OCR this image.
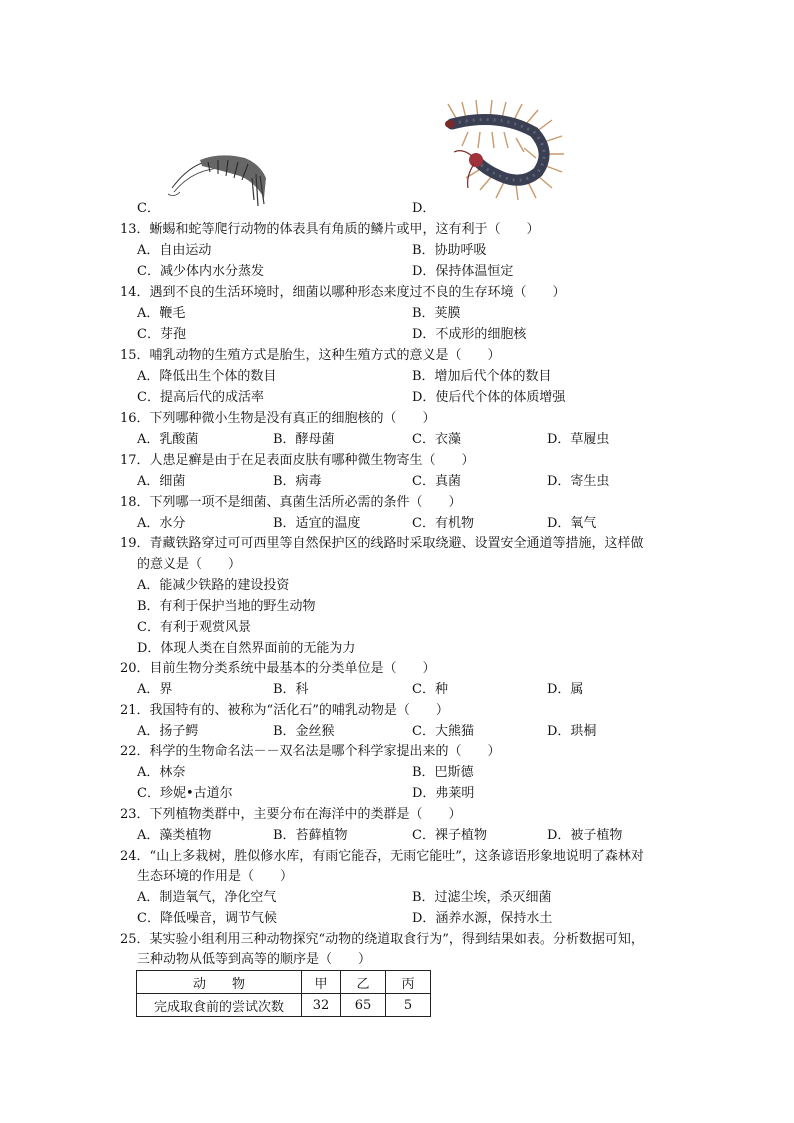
C．	D．
13．蜥蜴和蛇等爬行动物的体表具有角质的鳞片或甲，这有利于（　　）
A．自由运动	B．协助呼吸
C．减少体内水分蒸发	D．保持体温恒定
14．遇到不良的生活环境时，细菌以哪种形态来度过不良的生存环境（　　）
A．鞭毛	B．荚膜
C．芽孢	D．不成形的细胞核
15．哺乳动物的生殖方式是胎生，这种生殖方式的意义是（　　）
A．降低出生个体的数目	B．增加后代个体的数目
C．提高后代的成活率	D．使后代个体的体质增强
16．下列哪种微小生物是没有真正的细胞核的（　　）
A．乳酸菌	B．酵母菌	C．衣藻	D．草履虫
17．人患足癣是由于在足表面皮肤有哪种微生物寄生（　　）
A．细菌	B．病毒	C．真菌	D．寄生虫
18．下列哪一项不是细菌、真菌生活所必需的条件（　　）
A．水分	B．适宜的温度	C．有机物	D．氧气
19．青藏铁路穿过可可西里等自然保护区的线路时采取绕避、设置安全通道等措施，这样做
的意义是（　　）
A．能减少铁路的建设投资
B．有利于保护当地的野生动物
C．有利于观赏风景
D．体现人类在自然界面前的无能为力
20．目前生物分类系统中最基本的分类单位是（　　）
A．界	B．科	C．种	D．属
21．我国特有的、被称为“活化石”的哺乳动物是（　　）
A．扬子鳄	B．金丝猴	C．大熊猫	D．珙桐
22．科学的生物命名法－－双名法是哪个科学家提出来的（　　）
A．林奈	B．巴斯德
C．珍妮•古道尔	D．弗莱明
23．下列植物类群中，主要分布在海洋中的类群是（　　）
A．藻类植物	B．苔藓植物	C．裸子植物	D．被子植物
24．“山上多栽树，胜似修水库，有雨它能吞，无雨它能吐”，这条谚语形象地说明了森林对
生态环境的作用是（　　）
A．制造氧气，净化空气	B．过滤尘埃，杀灭细菌
C．降低噪音，调节气候	D．涵养水源，保持水土
25．某实验小组利用三种动物探究“动物的绕道取食行为”，得到结果如表。分析数据可知，
三种动物从低等到高等的顺序是（　　）
动　　物	甲	乙	丙
完成取食前的尝试次数	32	65	5
